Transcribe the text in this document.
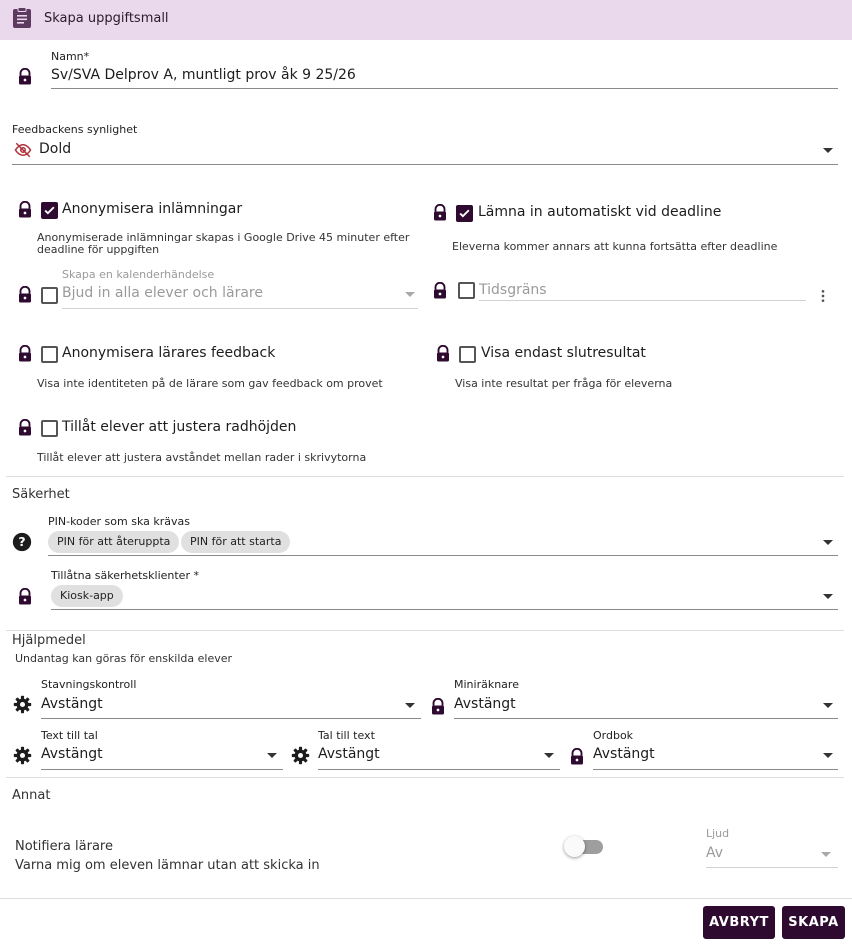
Skapa uppgiftsmall
Namn*
Sv/SVA Delprov A, muntligt prov åk 9 25/26
Feedbackens synlighet
Dold
Anonymisera inlämningar
Anonymiserade inlämningar skapas i Google Drive 45 minuter efter deadline för uppgiften
Lämna in automatiskt vid deadline
Eleverna kommer annars att kunna fortsätta efter deadline
Skapa en kalenderhändelse
Bjud in alla elever och lärare	Tidsgräns
Anonymisera lärares feedback
Visa inte identiteten på de lärare som gav feedback om provet
Visa endast slutresultat
Visa inte resultat per fråga för eleverna
Tillåt elever att justera radhöjden
Tillåt elever att justera avståndet mellan rader i skrivytorna
Säkerhet
PIN-koder som ska krävas
?	PIN för att återuppta	PIN för att starta
Tillåtna säkerhetsklienter *
Kiosk-app
Hjälpmedel
Undantag kan göras för enskilda elever
Stavningskontroll
Avstängt
Miniräknare
Avstängt
Text till tal
Avstängt
Tal till text
Avstängt
Ordbok
Avstängt
Annat
Notifiera lärare
Varna mig om eleven lämnar utan att skicka in
Ljud
Av
AVBRYT	SKAPA
